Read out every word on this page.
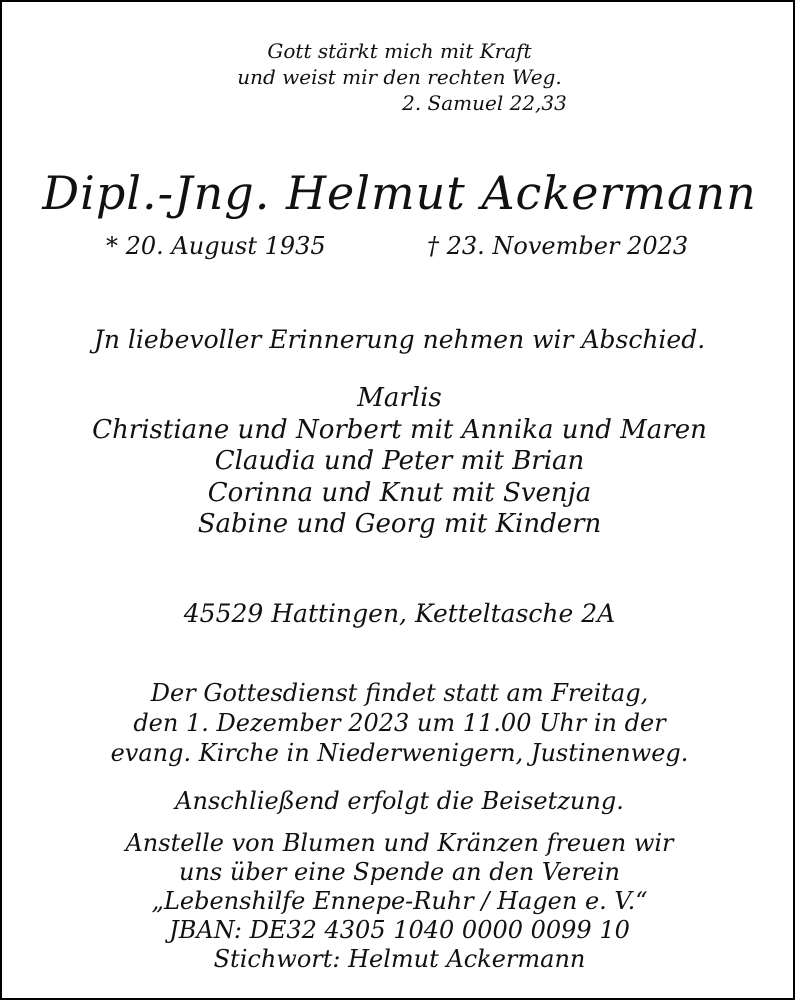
Gott stärkt mich mit Kraft
und weist mir den rechten Weg.
2. Samuel 22,33
Dipl.-Jng. Helmut Ackermann
* 20. August 1935	† 23. November 2023
Jn liebevoller Erinnerung nehmen wir Abschied.
Marlis
Christiane und Norbert mit Annika und Maren
Claudia und Peter mit Brian
Corinna und Knut mit Svenja
Sabine und Georg mit Kindern
45529 Hattingen, Ketteltasche 2A
Der Gottesdienst findet statt am Freitag,
den 1. Dezember 2023 um 11.00 Uhr in der
evang. Kirche in Niederwenigern, Justinenweg.
Anschließend erfolgt die Beisetzung.
Anstelle von Blumen und Kränzen freuen wir
uns über eine Spende an den Verein
„Lebenshilfe Ennepe-Ruhr / Hagen e. V.“
JBAN: DE32 4305 1040 0000 0099 10
Stichwort: Helmut Ackermann
